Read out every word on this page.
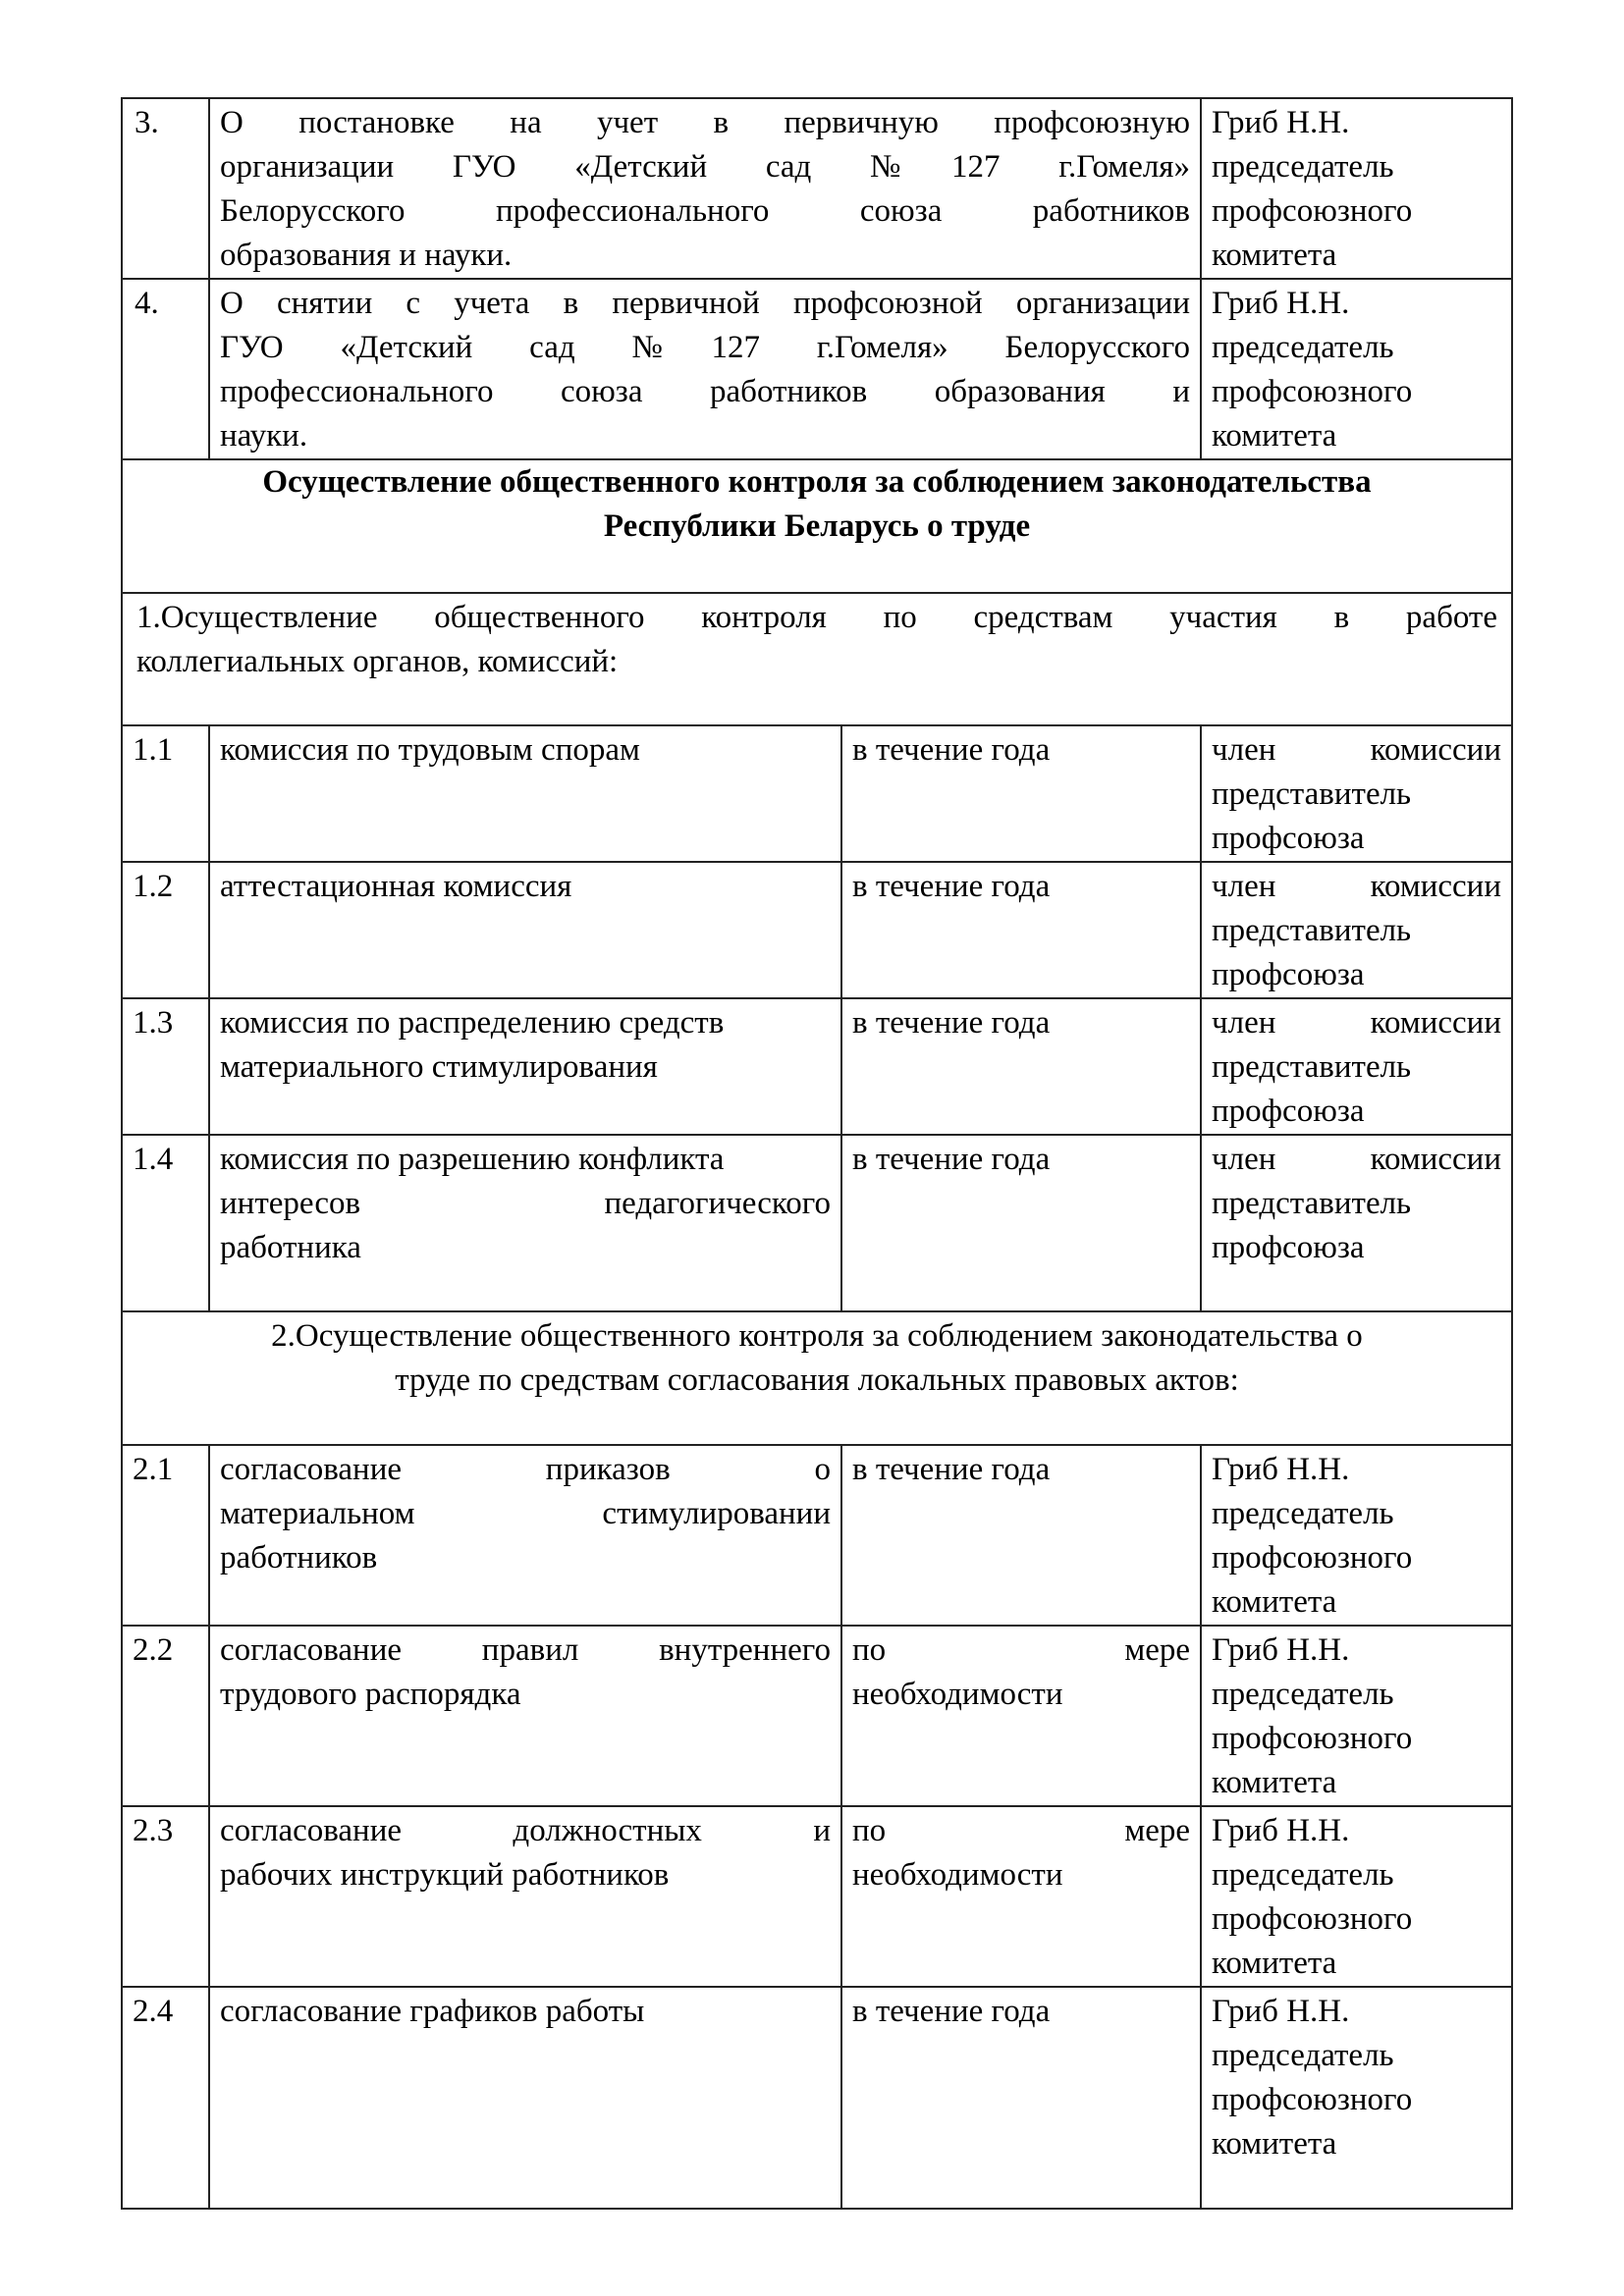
3.	О постановке на учет в первичную профсоюзную
организации ГУО «Детский сад №127 г.Гомеля»
Белорусского профессионального союза работников
образования и науки.		Гриб Н.Н.
председатель
профсоюзного
комитета

4.	О снятии с учета в первичной профсоюзной организации
ГУО «Детский сад №127 г.Гомеля» Белорусского
профессионального союза работников образования и
науки.		Гриб Н.Н.
председатель
профсоюзного
комитета

Осуществление общественного контроля за соблюдением законодательства
Республики Беларусь о труде			

1.Осуществление общественного контроля по средствам участия в работе
коллегиальных органов, комиссий:			

1.1	комиссия по трудовым спорам	в течение года	член комиссии
представитель
профсоюза

1.2	аттестационная комиссия	в течение года	член комиссии
представитель
профсоюза

1.3	комиссия по распределению средств
материального стимулирования	в течение года	член комиссии
представитель
профсоюза

1.4	комиссия по разрешению конфликта
интересов педагогического
работника	в течение года	член комиссии
представитель
профсоюза

2.Осуществление общественного контроля за соблюдением законодательства о
труде по средствам согласования локальных правовых актов:			

2.1	согласование приказов о
материальном стимулировании
работников	в течение года	Гриб Н.Н.
председатель
профсоюзного
комитета

2.2	согласование правил внутреннего
трудового распорядка	по мере
необходимости	Гриб Н.Н.
председатель
профсоюзного
комитета

2.3	согласование должностных и
рабочих инструкций работников	по мере
необходимости	Гриб Н.Н.
председатель
профсоюзного
комитета

2.4	согласование графиков работы	в течение года	Гриб Н.Н.
председатель
профсоюзного
комитета
